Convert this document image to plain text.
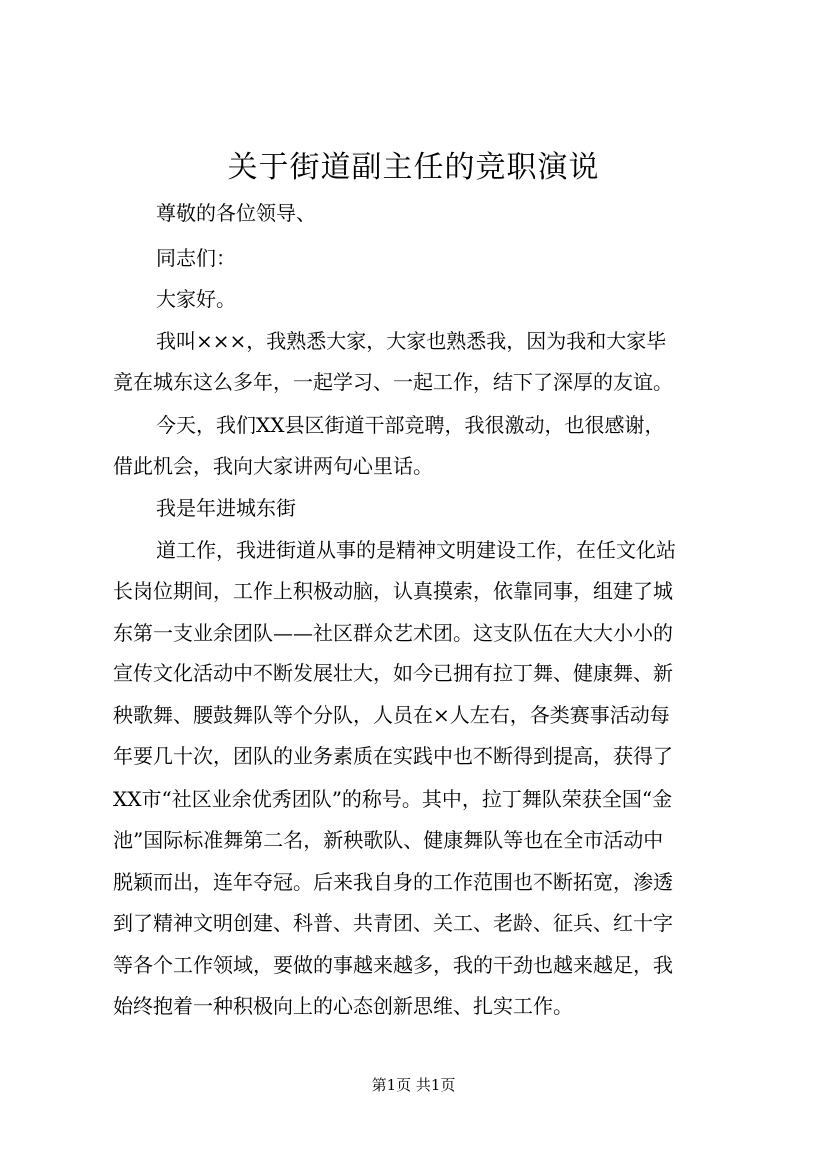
关于街道副主任的竞职演说
尊敬的各位领导、
同志们：
大家好。
我叫×××，我熟悉大家，大家也熟悉我，因为我和大家毕
竟在城东这么多年，一起学习、一起工作，结下了深厚的友谊。
今天，我们XX县区街道干部竞聘，我很激动，也很感谢，
借此机会，我向大家讲两句心里话。
我是年进城东街
道工作，我进街道从事的是精神文明建设工作，在任文化站
长岗位期间，工作上积极动脑，认真摸索，依靠同事，组建了城
东第一支业余团队——社区群众艺术团。这支队伍在大大小小的
宣传文化活动中不断发展壮大，如今已拥有拉丁舞、健康舞、新
秧歌舞、腰鼓舞队等个分队，人员在×人左右，各类赛事活动每
年要几十次，团队的业务素质在实践中也不断得到提高，获得了
XX市“社区业余优秀团队”的称号。其中，拉丁舞队荣获全国“金
池”国际标准舞第二名，新秧歌队、健康舞队等也在全市活动中
脱颖而出，连年夺冠。后来我自身的工作范围也不断拓宽，渗透
到了精神文明创建、科普、共青团、关工、老龄、征兵、红十字
等各个工作领域，要做的事越来越多，我的干劲也越来越足，我
始终抱着一种积极向上的心态创新思维、扎实工作。
第1页 共1页
